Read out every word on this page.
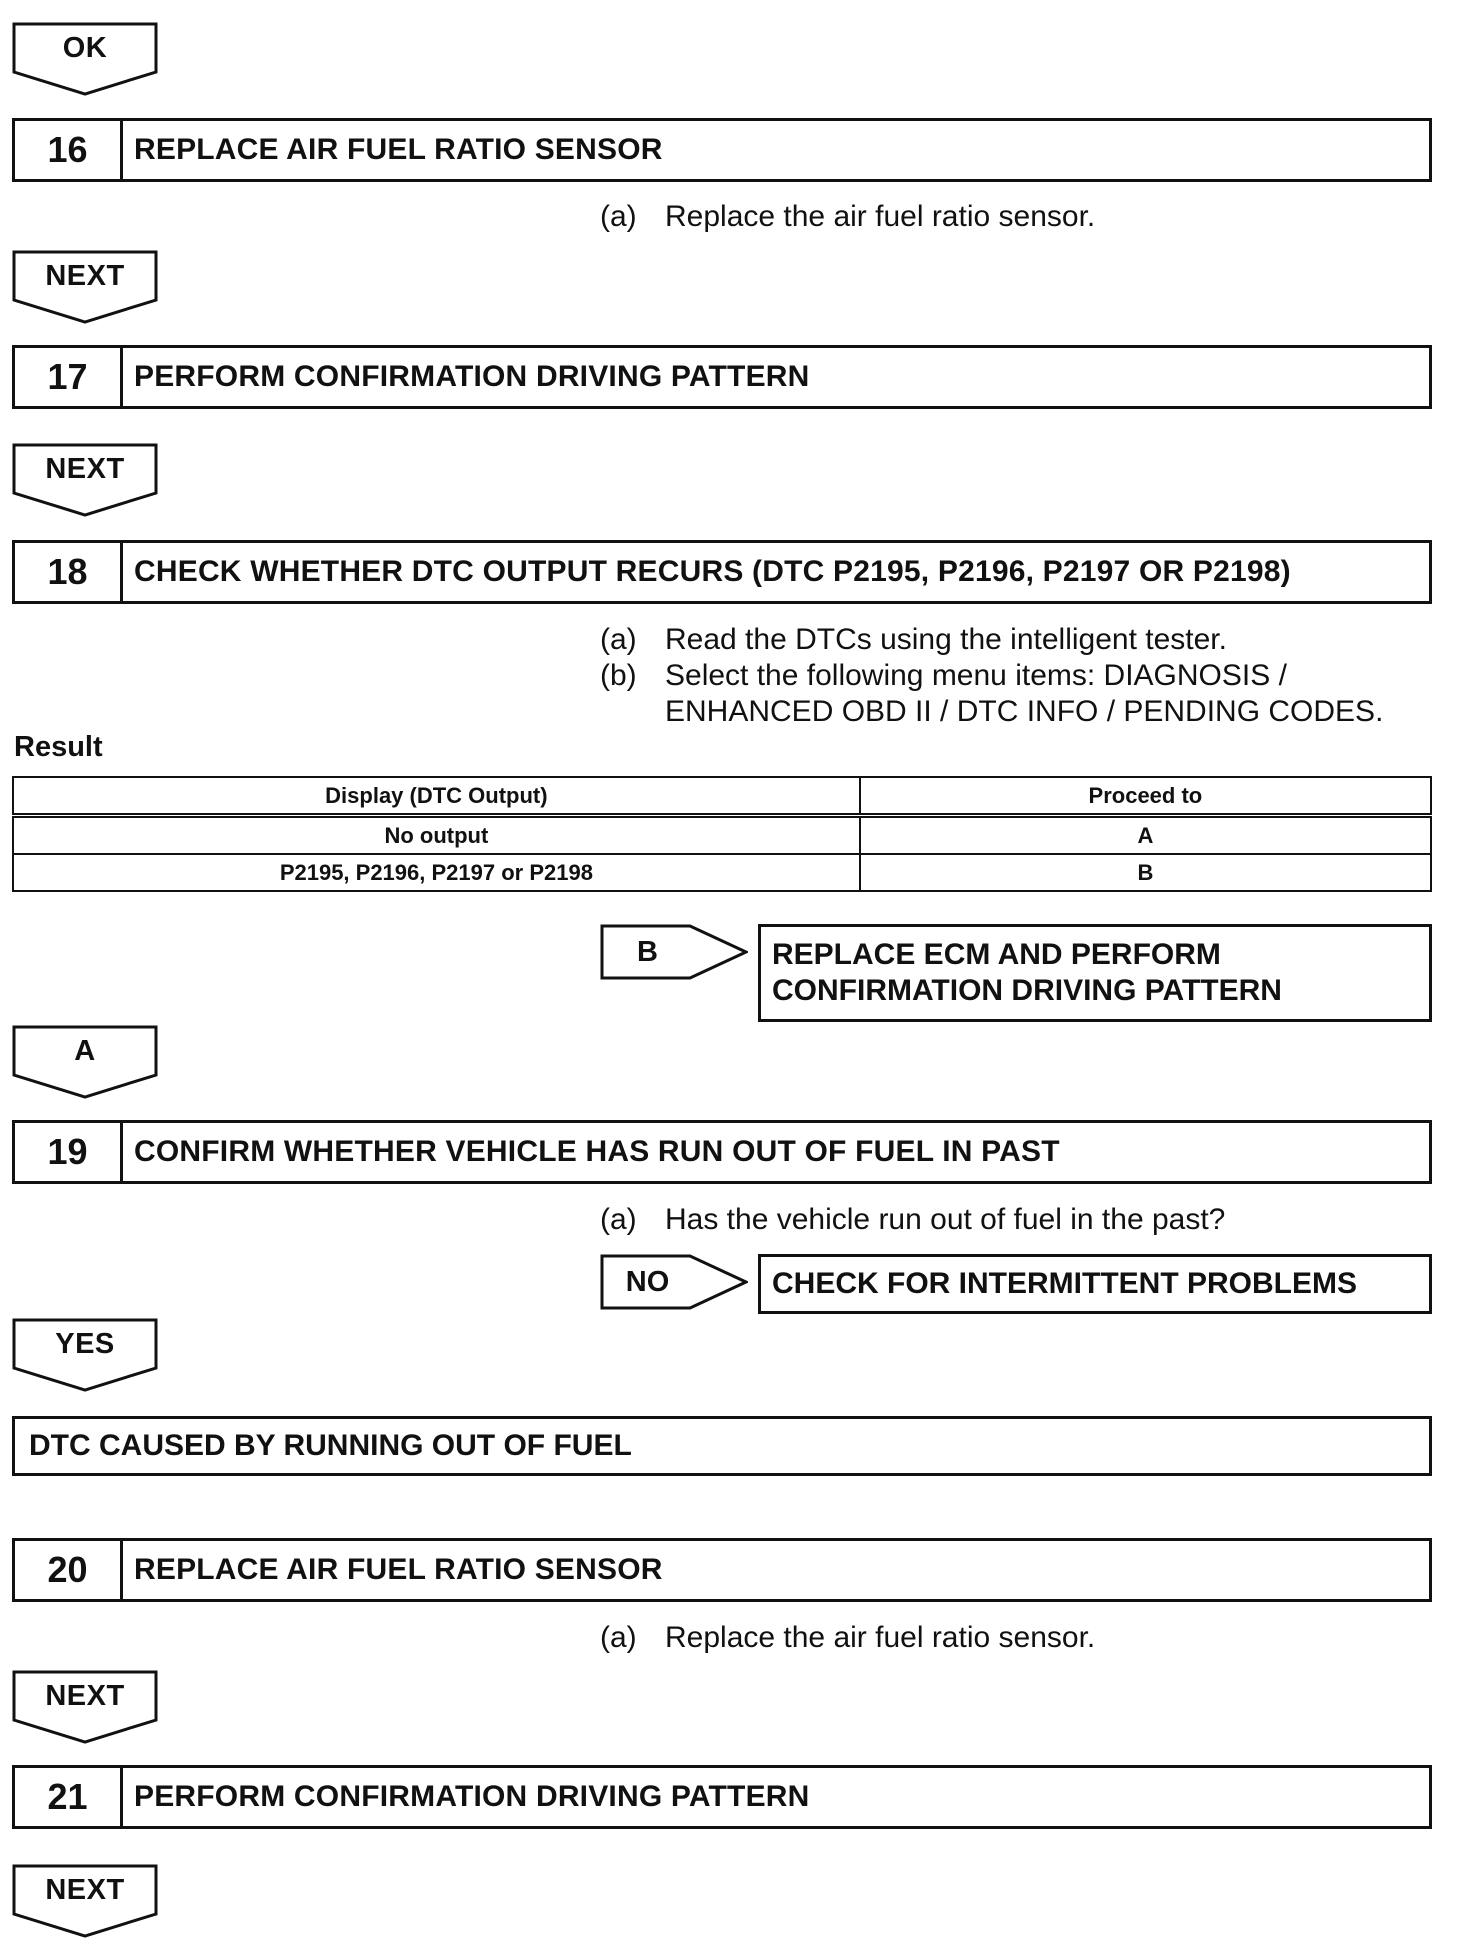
OK
16	REPLACE AIR FUEL RATIO SENSOR
(a) Replace the air fuel ratio sensor.
NEXT
17	PERFORM CONFIRMATION DRIVING PATTERN
NEXT
18	CHECK WHETHER DTC OUTPUT RECURS (DTC P2195, P2196, P2197 OR P2198)
(a) Read the DTCs using the intelligent tester.
(b) Select the following menu items: DIAGNOSIS /
ENHANCED OBD II / DTC INFO / PENDING CODES.
Result
Display (DTC Output)	Proceed to
No output	A
P2195, P2196, P2197 or P2198	B
B	REPLACE ECM AND PERFORM
CONFIRMATION DRIVING PATTERN
A
19	CONFIRM WHETHER VEHICLE HAS RUN OUT OF FUEL IN PAST
(a) Has the vehicle run out of fuel in the past?
NO	CHECK FOR INTERMITTENT PROBLEMS
YES
DTC CAUSED BY RUNNING OUT OF FUEL
20	REPLACE AIR FUEL RATIO SENSOR
(a) Replace the air fuel ratio sensor.
NEXT
21	PERFORM CONFIRMATION DRIVING PATTERN
NEXT
